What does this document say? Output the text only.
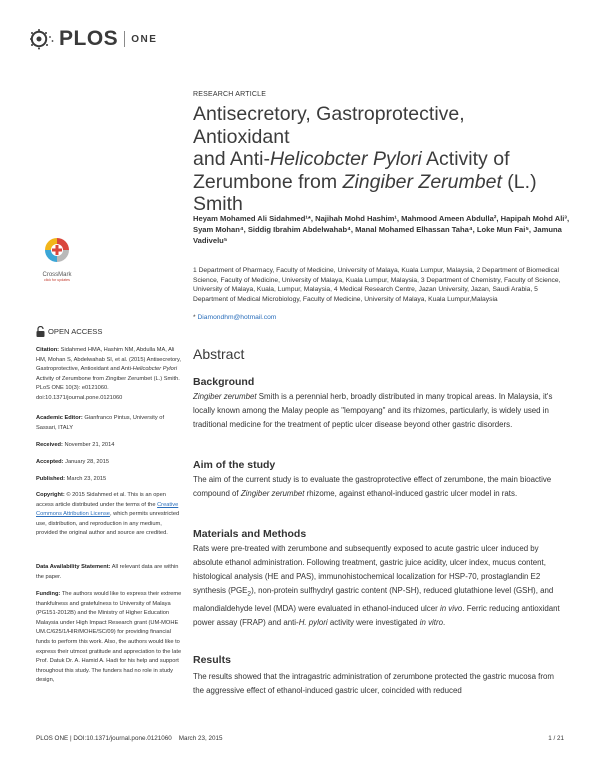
PLOS ONE
RESEARCH ARTICLE

Antisecretory, Gastroprotective, Antioxidant

and Anti-Helicobcter Pylori Activity of

Zerumbone from Zingiber Zerumbet (L.)

Smith

Heyam Mohamed Ali Sidahmed¹*, Najihah Mohd Hashim¹, Mahmood Ameen Abdulla², Hapipah Mohd Ali³, Syam Mohan⁴, Siddig Ibrahim Abdelwahab⁴, Manal Mohamed Elhassan Taha⁴, Loke Mun Fai⁵, Jamuna Vadivelu⁵
1 Department of Pharmacy, Faculty of Medicine, University of Malaya, Kuala Lumpur, Malaysia, 2 Department of Biomedical Science, Faculty of Medicine, University of Malaya, Kuala Lumpur, Malaysia, 3 Department of Chemistry, Faculty of Science, University of Malaya, Kuala, Lumpur, Malaysia, 4 Medical Research Centre, Jazan University, Jazan, Saudi Arabia, 5 Department of Medical Microbiology, Faculty of Medicine, University of Malaya, Kuala Lumpur,Malaysia
* Diamondhm@hotmail.com
CrossMark
click for updates
OPEN ACCESS
Citation: Sidahmed HMA, Hashim NM, Abdulla MA, Ali HM, Mohan S, Abdelwahab SI, et al. (2015) Antisecretory, Gastroprotective, Antioxidant and Anti-Helicobcter Pylori Activity of Zerumbone from Zingiber Zerumbet (L.) Smith. PLoS ONE 10(3): e0121060. doi:10.1371/journal.pone.0121060
Academic Editor: Gianfranco Pintus, University of Sassari, ITALY
Received: November 21, 2014
Accepted: January 28, 2015
Published: March 23, 2015
Copyright: © 2015 Sidahmed et al. This is an open access article distributed under the terms of the Creative Commons Attribution License, which permits unrestricted use, distribution, and reproduction in any medium, provided the original author and source are credited.
Data Availability Statement: All relevant data are within the paper.
Funding: The authors would like to express their extreme thankfulness and gratefulness to University of Malaya (PG151-2012B) and the Ministry of Higher Education Malaysia under High Impact Research grant (UM-MOHE UM.C/625/1/HIR/MOHE/SC/09) for providing financial funds to perform this work. Also, the authors would like to express their utmost gratitude and appreciation to the late Prof. Datuk Dr. A. Hamid A. Hadi for his help and support throughout this study. The funders had no role in study design,
Abstract
Background
Zingiber zerumbet Smith is a perennial herb, broadly distributed in many tropical areas. In Malaysia, it's locally known among the Malay people as "lempoyang" and its rhizomes, particularly, is widely used in traditional medicine for the treatment of peptic ulcer disease beyond other gastric disorders.
Aim of the study
The aim of the current study is to evaluate the gastroprotective effect of zerumbone, the main bioactive compound of Zingiber zerumbet rhizome, against ethanol-induced gastric ulcer model in rats.
Materials and Methods
Rats were pre-treated with zerumbone and subsequently exposed to acute gastric ulcer induced by absolute ethanol administration. Following treatment, gastric juice acidity, ulcer index, mucus content, histological analysis (HE and PAS), immunohistochemical localization for HSP-70, prostaglandin E2 synthesis $(PGE_2)$, non-protein sulfhydryl gastric content (NP-SH), reduced glutathione level (GSH), and malondialdehyde level (MDA) were evaluated in ethanol-induced ulcer in vivo. Ferric reducing antioxidant power assay (FRAP) and anti-H. pylori activity were investigated in vitro.
Results
The results showed that the intragastric administration of zerumbone protected the gastric mucosa from the aggressive effect of ethanol-induced gastric ulcer, coincided with reduced
PLOS ONE | DOI:10.1371/journal.pone.0121060    March 23, 2015	1 / 21
